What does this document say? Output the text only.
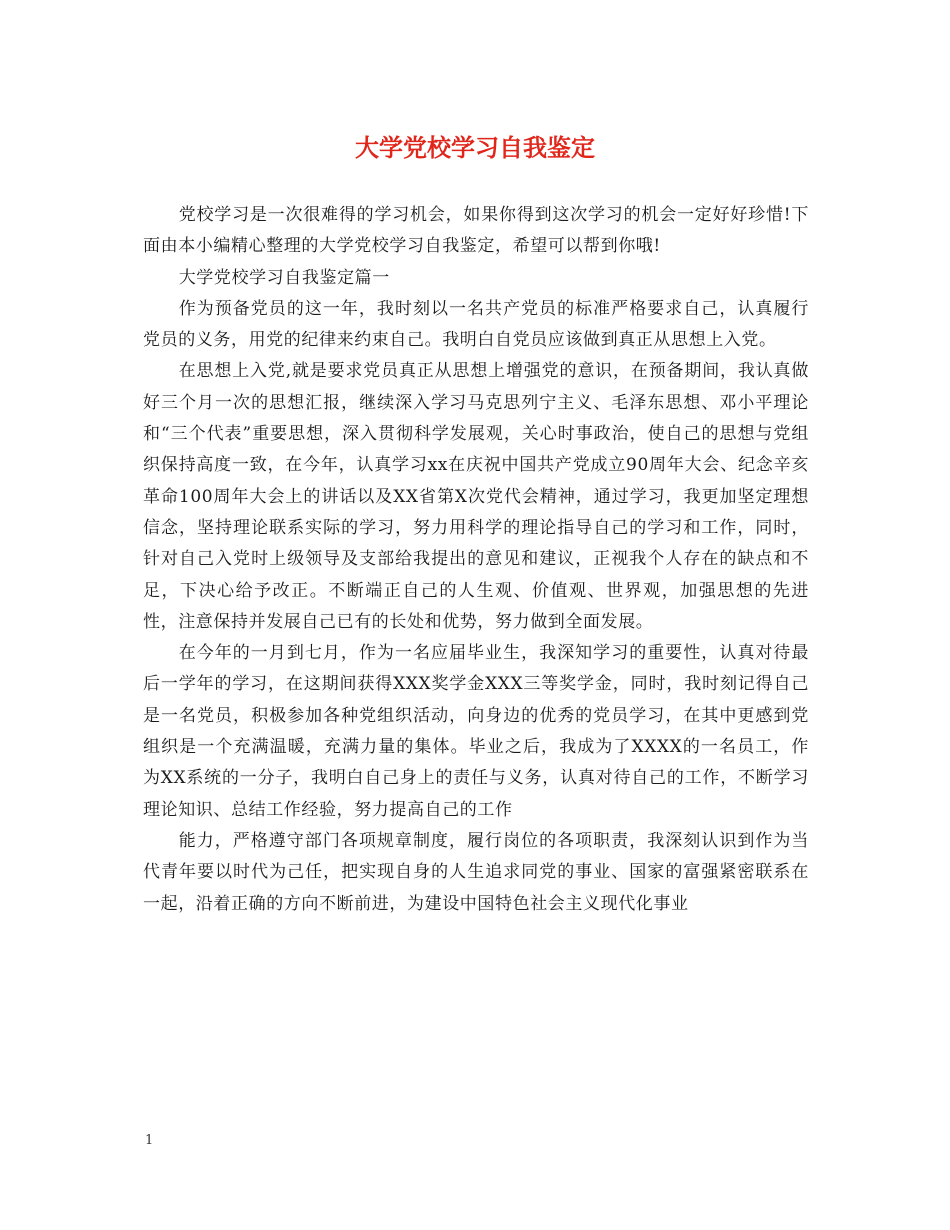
大学党校学习自我鉴定

党校学习是一次很难得的学习机会，如果你得到这次学习的机会一定好好珍惜!下面由本小编精心整理的大学党校学习自我鉴定，希望可以帮到你哦!

大学党校学习自我鉴定篇一

作为预备党员的这一年，我时刻以一名共产党员的标准严格要求自己，认真履行党员的义务，用党的纪律来约束自己。我明白自党员应该做到真正从思想上入党。

在思想上入党,就是要求党员真正从思想上增强党的意识，在预备期间，我认真做好三个月一次的思想汇报，继续深入学习马克思列宁主义、毛泽东思想、邓小平理论和“三个代表”重要思想，深入贯彻科学发展观，关心时事政治，使自己的思想与党组织保持高度一致，在今年，认真学习xx在庆祝中国共产党成立90周年大会、纪念辛亥革命100周年大会上的讲话以及XX省第X次党代会精神，通过学习，我更加坚定理想信念，坚持理论联系实际的学习，努力用科学的理论指导自己的学习和工作，同时，针对自己入党时上级领导及支部给我提出的意见和建议，正视我个人存在的缺点和不足，下决心给予改正。不断端正自己的人生观、价值观、世界观，加强思想的先进性，注意保持并发展自己已有的长处和优势，努力做到全面发展。

在今年的一月到七月，作为一名应届毕业生，我深知学习的重要性，认真对待最后一学年的学习，在这期间获得XXX奖学金XXX三等奖学金，同时，我时刻记得自己是一名党员，积极参加各种党组织活动，向身边的优秀的党员学习，在其中更感到党组织是一个充满温暖，充满力量的集体。毕业之后，我成为了XXXX的一名员工，作为XX系统的一分子，我明白自己身上的责任与义务，认真对待自己的工作，不断学习理论知识、总结工作经验，努力提高自己的工作

能力，严格遵守部门各项规章制度，履行岗位的各项职责，我深刻认识到作为当代青年要以时代为己任，把实现自身的人生追求同党的事业、国家的富强紧密联系在一起，沿着正确的方向不断前进，为建设中国特色社会主义现代化事业

1
